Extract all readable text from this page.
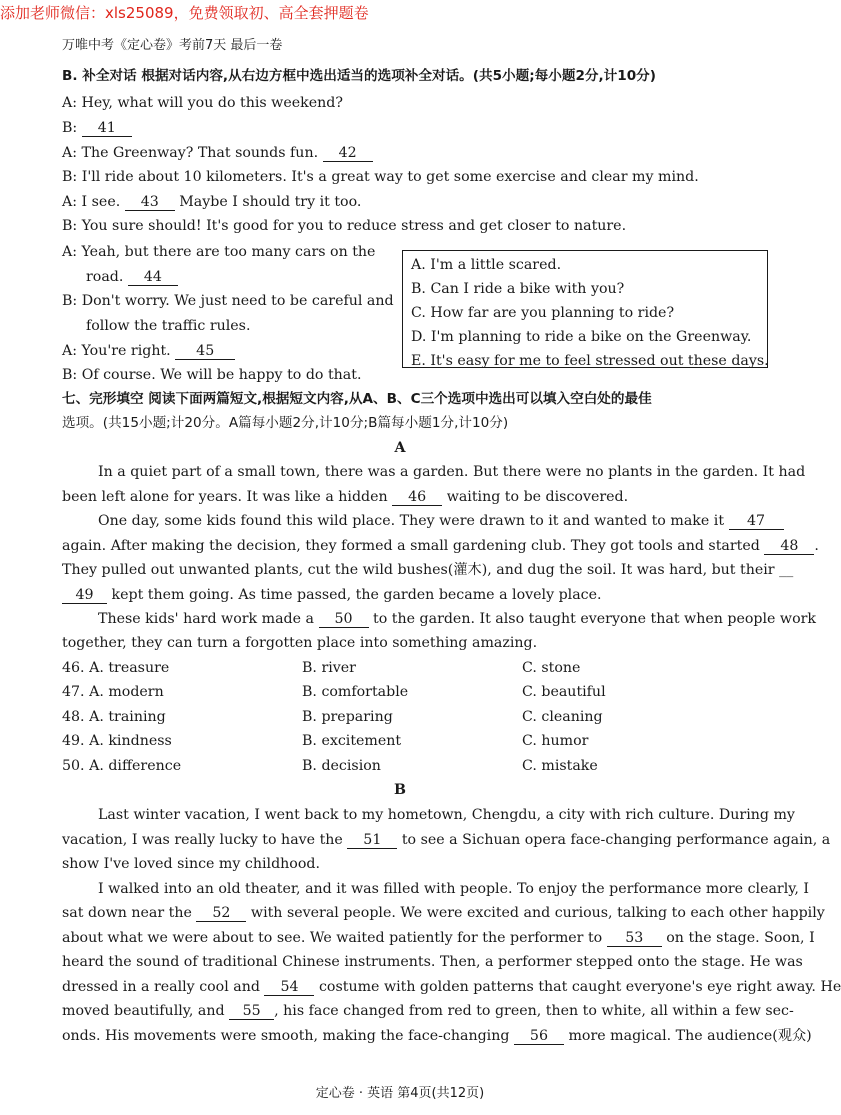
添加老师微信：xls25089，免费领取初、高全套押题卷
万唯中考《定心卷》考前7天 最后一卷
B. 补全对话 根据对话内容,从右边方框中选出适当的选项补全对话。(共5小题;每小题2分,计10分)
A: Hey, what will you do this weekend?
B: 41
A: The Greenway? That sounds fun. 42
B: I'll ride about 10 kilometers. It's a great way to get some exercise and clear my mind.
A: I see. 43 Maybe I should try it too.
B: You sure should! It's good for you to reduce stress and get closer to nature.
A: Yeah, but there are too many cars on the
road. 44
B: Don't worry. We just need to be careful and
follow the traffic rules.
A: You're right. 45
B: Of course. We will be happy to do that.
A. I'm a little scared.
B. Can I ride a bike with you?
C. How far are you planning to ride?
D. I'm planning to ride a bike on the Greenway.
E. It's easy for me to feel stressed out these days.
七、完形填空 阅读下面两篇短文,根据短文内容,从A、B、C三个选项中选出可以填入空白处的最佳
选项。(共15小题;计20分。A篇每小题2分,计10分;B篇每小题1分,计10分)
A
In a quiet part of a small town, there was a garden. But there were no plants in the garden. It had
been left alone for years. It was like a hidden 46 waiting to be discovered.
One day, some kids found this wild place. They were drawn to it and wanted to make it 47
again. After making the decision, they formed a small gardening club. They got tools and started 48 .
They pulled out unwanted plants, cut the wild bushes(灌木), and dug the soil. It was hard, but their __
49 kept them going. As time passed, the garden became a lovely place.
These kids' hard work made a 50 to the garden. It also taught everyone that when people work
together, they can turn a forgotten place into something amazing.
46. A. treasure	B. river	C. stone
47. A. modern	B. comfortable	C. beautiful
48. A. training	B. preparing	C. cleaning
49. A. kindness	B. excitement	C. humor
50. A. difference	B. decision	C. mistake
B
Last winter vacation, I went back to my hometown, Chengdu, a city with rich culture. During my
vacation, I was really lucky to have the 51 to see a Sichuan opera face-changing performance again, a
show I've loved since my childhood.
I walked into an old theater, and it was filled with people. To enjoy the performance more clearly, I
sat down near the 52 with several people. We were excited and curious, talking to each other happily
about what we were about to see. We waited patiently for the performer to 53 on the stage. Soon, I
heard the sound of traditional Chinese instruments. Then, a performer stepped onto the stage. He was
dressed in a really cool and 54 costume with golden patterns that caught everyone's eye right away. He
moved beautifully, and 55 , his face changed from red to green, then to white, all within a few sec-
onds. His movements were smooth, making the face-changing 56 more magical. The audience(观众)
定心卷 · 英语 第4页(共12页)
